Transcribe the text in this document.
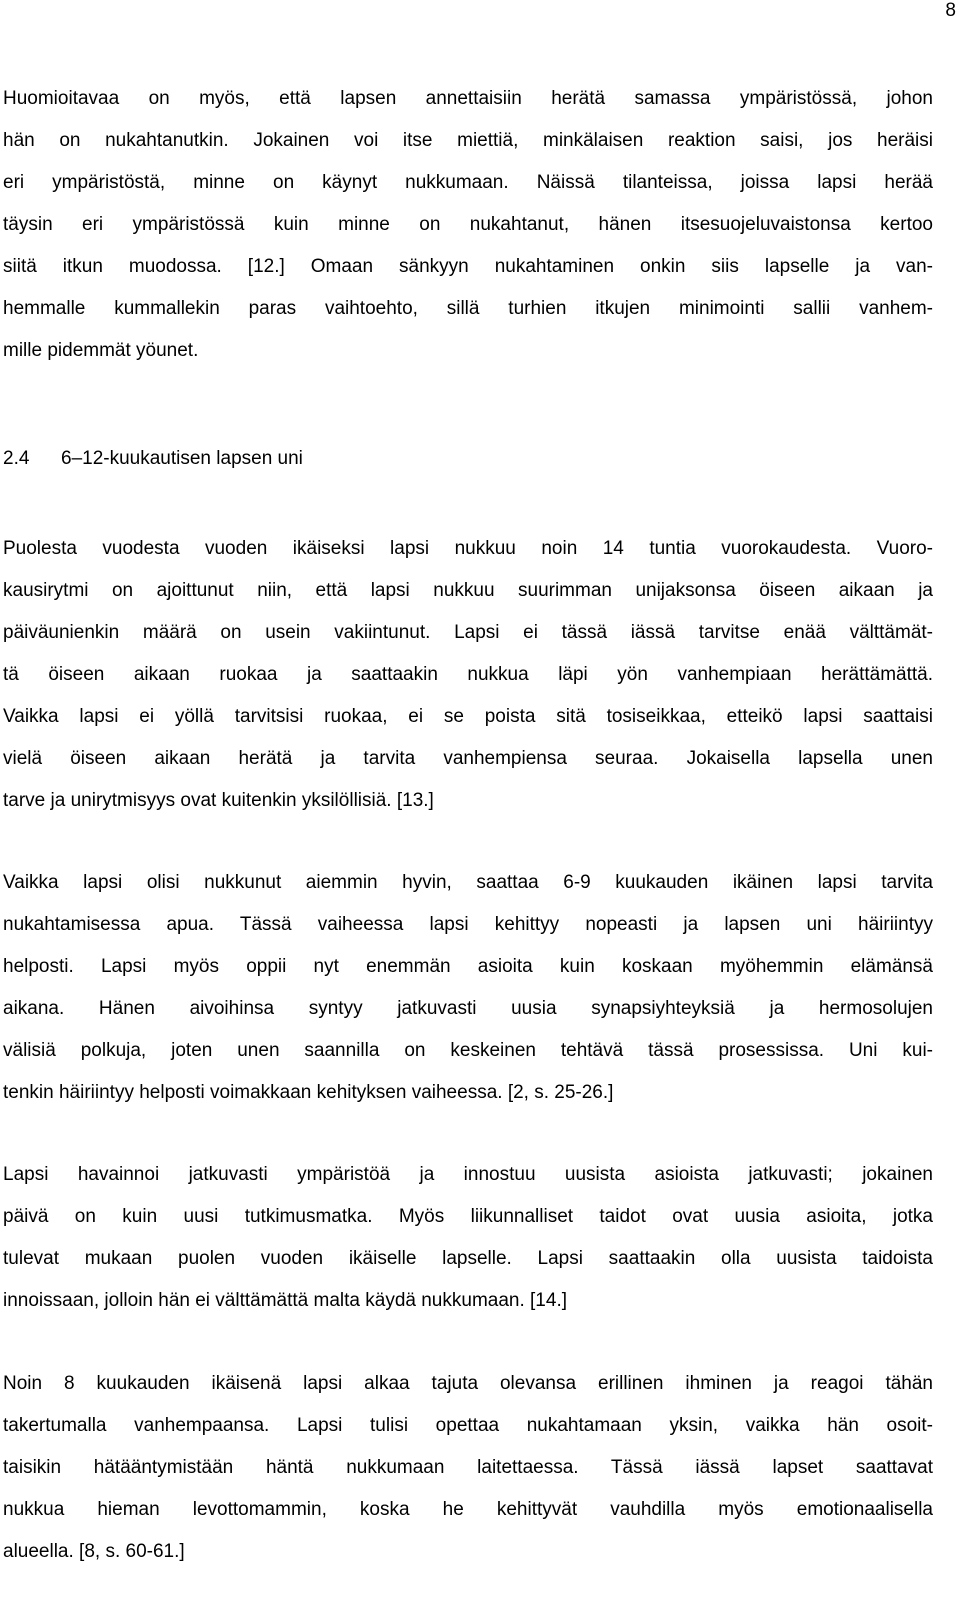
8
Huomioitavaa on myös, että lapsen annettaisiin herätä samassa ympäristössä, johon
hän on nukahtanutkin. Jokainen voi itse miettiä, minkälaisen reaktion saisi, jos heräisi
eri ympäristöstä, minne on käynyt nukkumaan. Näissä tilanteissa, joissa lapsi herää
täysin eri ympäristössä kuin minne on nukahtanut, hänen itsesuojeluvaistonsa kertoo
siitä itkun muodossa. [12.] Omaan sänkyyn nukahtaminen onkin siis lapselle ja van-
hemmalle kummallekin paras vaihtoehto, sillä turhien itkujen minimointi sallii vanhem-
mille pidemmät yöunet.
2.4 6–12-kuukautisen lapsen uni
Puolesta vuodesta vuoden ikäiseksi lapsi nukkuu noin 14 tuntia vuorokaudesta. Vuoro-
kausirytmi on ajoittunut niin, että lapsi nukkuu suurimman unijaksonsa öiseen aikaan ja
päiväunienkin määrä on usein vakiintunut. Lapsi ei tässä iässä tarvitse enää välttämät-
tä öiseen aikaan ruokaa ja saattaakin nukkua läpi yön vanhempiaan herättämättä.
Vaikka lapsi ei yöllä tarvitsisi ruokaa, ei se poista sitä tosiseikkaa, etteikö lapsi saattaisi
vielä öiseen aikaan herätä ja tarvita vanhempiensa seuraa. Jokaisella lapsella unen
tarve ja unirytmisyys ovat kuitenkin yksilöllisiä. [13.]
Vaikka lapsi olisi nukkunut aiemmin hyvin, saattaa 6-9 kuukauden ikäinen lapsi tarvita
nukahtamisessa apua. Tässä vaiheessa lapsi kehittyy nopeasti ja lapsen uni häiriintyy
helposti. Lapsi myös oppii nyt enemmän asioita kuin koskaan myöhemmin elämänsä
aikana. Hänen aivoihinsa syntyy jatkuvasti uusia synapsiyhteyksiä ja hermosolujen
välisiä polkuja, joten unen saannilla on keskeinen tehtävä tässä prosessissa. Uni kui-
tenkin häiriintyy helposti voimakkaan kehityksen vaiheessa. [2, s. 25-26.]
Lapsi havainnoi jatkuvasti ympäristöä ja innostuu uusista asioista jatkuvasti; jokainen
päivä on kuin uusi tutkimusmatka. Myös liikunnalliset taidot ovat uusia asioita, jotka
tulevat mukaan puolen vuoden ikäiselle lapselle. Lapsi saattaakin olla uusista taidoista
innoissaan, jolloin hän ei välttämättä malta käydä nukkumaan. [14.]
Noin 8 kuukauden ikäisenä lapsi alkaa tajuta olevansa erillinen ihminen ja reagoi tähän
takertumalla vanhempaansa. Lapsi tulisi opettaa nukahtamaan yksin, vaikka hän osoit-
taisikin hätääntymistään häntä nukkumaan laitettaessa. Tässä iässä lapset saattavat
nukkua hieman levottomammin, koska he kehittyvät vauhdilla myös emotionaalisella
alueella. [8, s. 60-61.]
